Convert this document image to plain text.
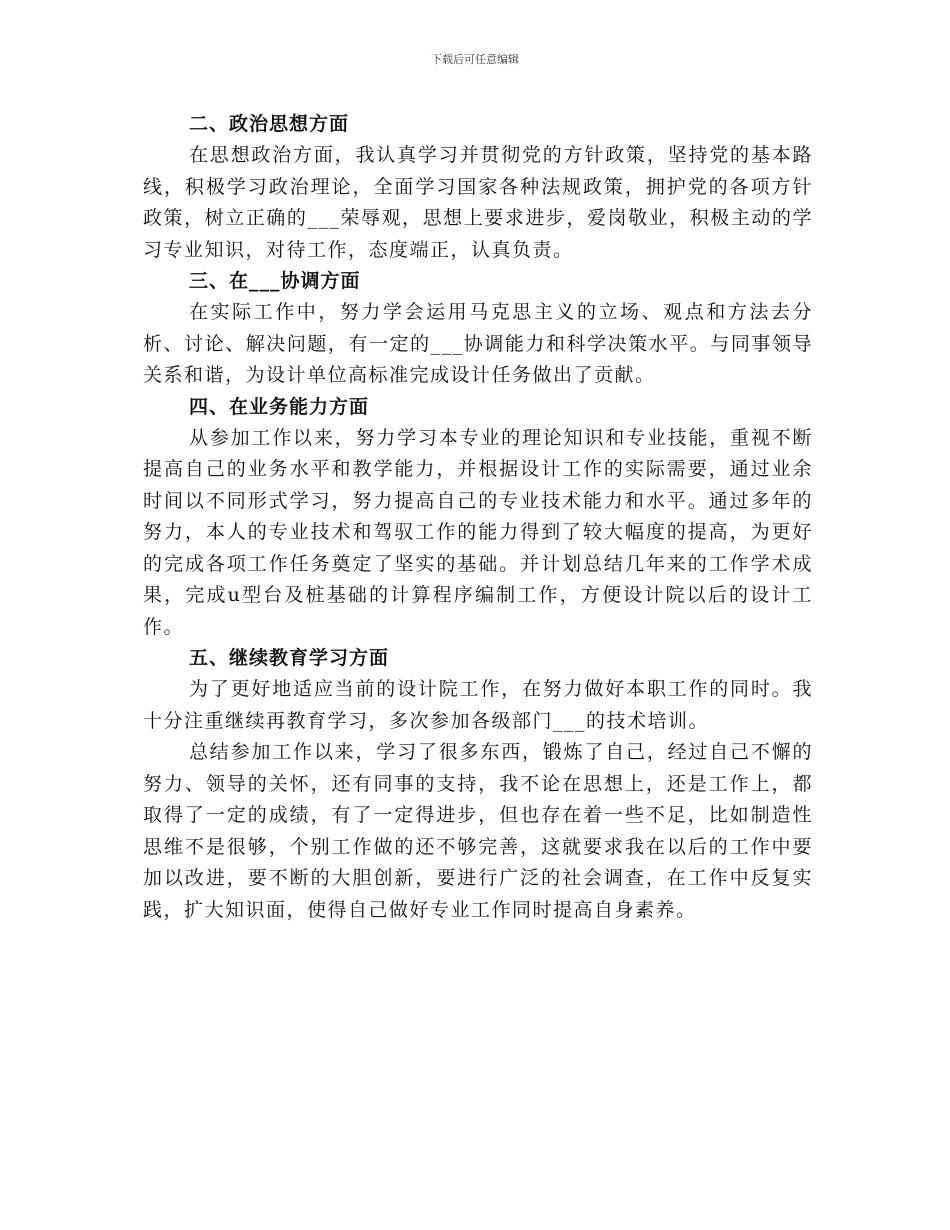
下载后可任意编辑
二、政治思想方面

在思想政治方面，我认真学习并贯彻党的方针政策，坚持党的基本路线，积极学习政治理论，全面学习国家各种法规政策，拥护党的各项方针政策，树立正确的___荣辱观，思想上要求进步，爱岗敬业，积极主动的学习专业知识，对待工作，态度端正，认真负责。

三、在___协调方面

在实际工作中，努力学会运用马克思主义的立场、观点和方法去分析、讨论、解决问题，有一定的___协调能力和科学决策水平。与同事领导关系和谐，为设计单位高标准完成设计任务做出了贡献。

四、在业务能力方面

从参加工作以来，努力学习本专业的理论知识和专业技能，重视不断提高自己的业务水平和教学能力，并根据设计工作的实际需要，通过业余时间以不同形式学习，努力提高自己的专业技术能力和水平。通过多年的努力，本人的专业技术和驾驭工作的能力得到了较大幅度的提高，为更好的完成各项工作任务奠定了坚实的基础。并计划总结几年来的工作学术成果，完成u型台及桩基础的计算程序编制工作，方便设计院以后的设计工作。

五、继续教育学习方面

为了更好地适应当前的设计院工作，在努力做好本职工作的同时。我十分注重继续再教育学习，多次参加各级部门___的技术培训。

总结参加工作以来，学习了很多东西，锻炼了自己，经过自己不懈的努力、领导的关怀，还有同事的支持，我不论在思想上，还是工作上，都取得了一定的成绩，有了一定得进步，但也存在着一些不足，比如制造性思维不是很够，个别工作做的还不够完善，这就要求我在以后的工作中要加以改进，要不断的大胆创新，要进行广泛的社会调查，在工作中反复实践，扩大知识面，使得自己做好专业工作同时提高自身素养。
